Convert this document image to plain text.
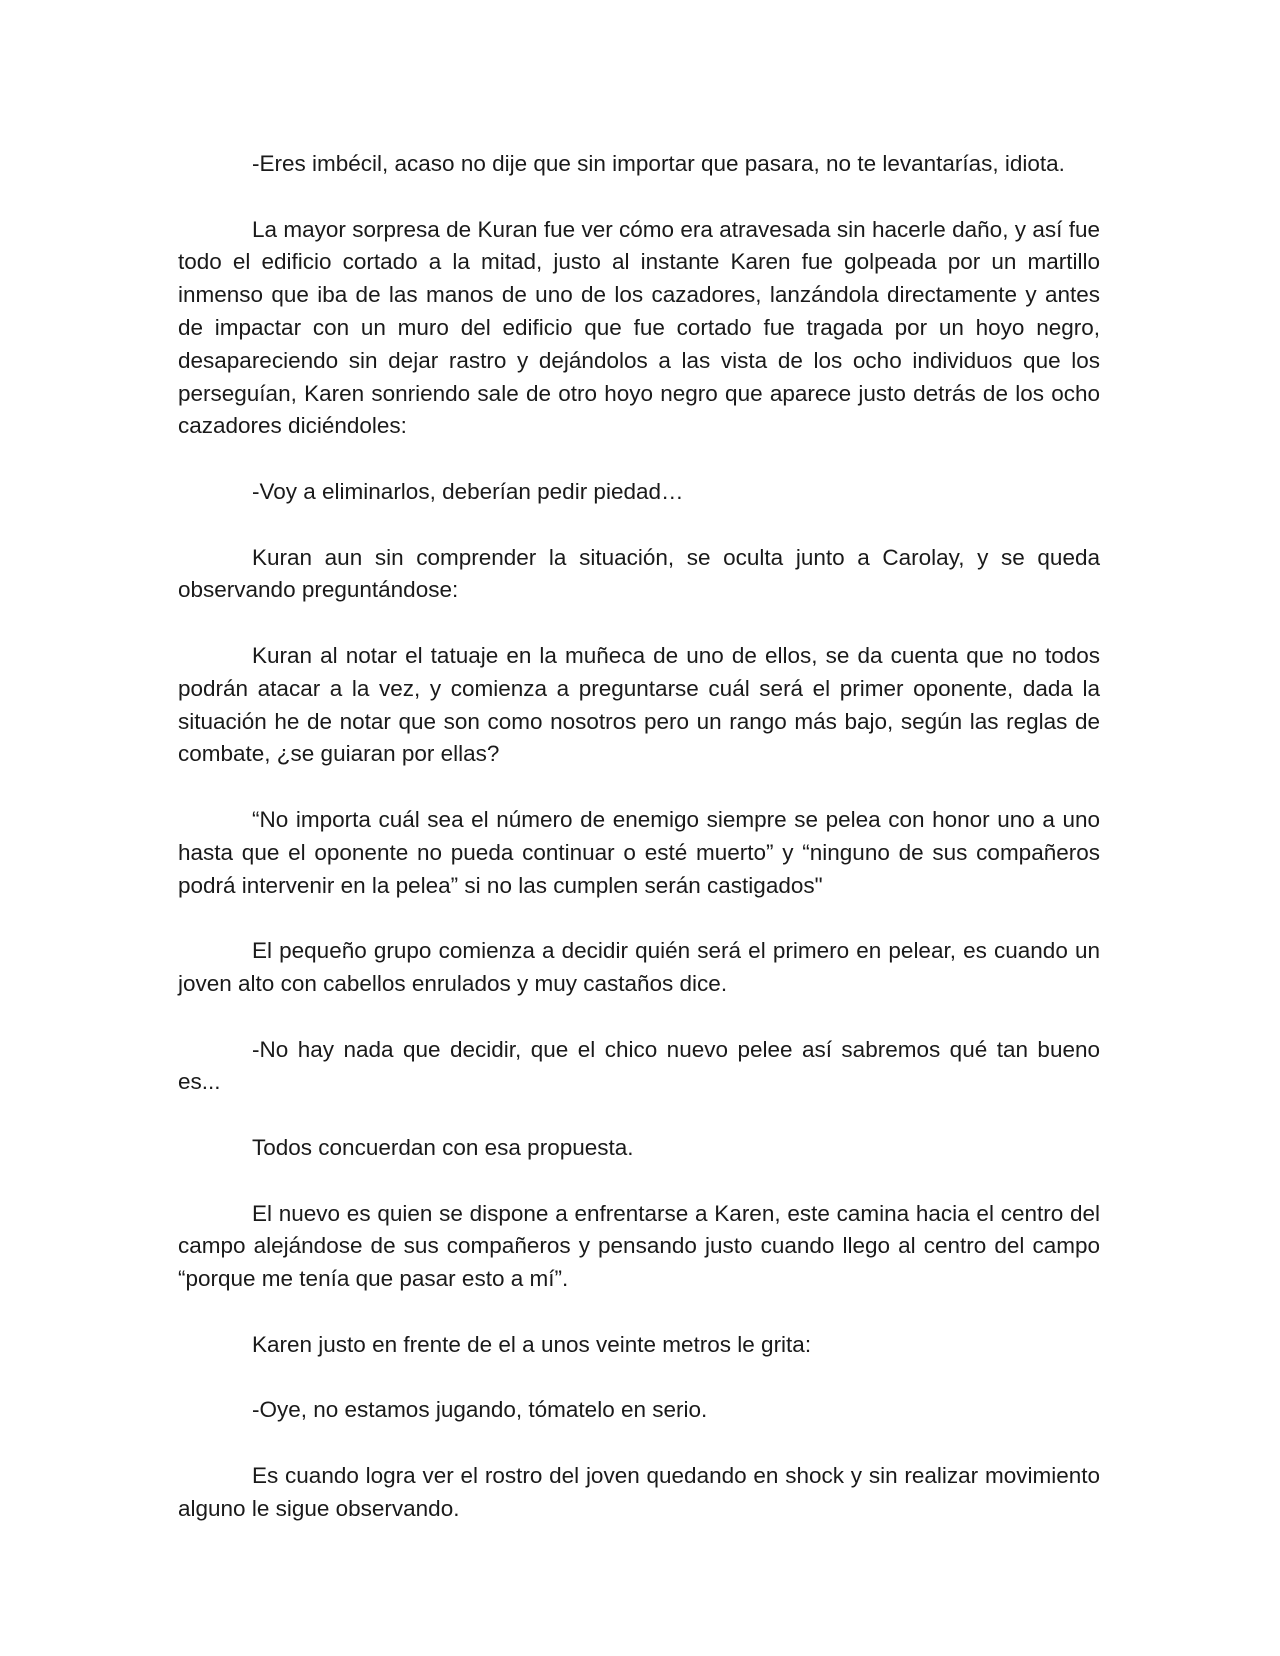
-Eres imbécil, acaso no dije que sin importar que pasara, no te levantarías, idiota.

La mayor sorpresa de Kuran fue ver cómo era atravesada sin hacerle daño, y así fue todo el edificio cortado a la mitad, justo al instante Karen fue golpeada por un martillo inmenso que iba de las manos de uno de los cazadores, lanzándola directamente y antes de impactar con un muro del edificio que fue cortado fue tragada por un hoyo negro, desapareciendo sin dejar rastro y dejándolos a las vista de los ocho individuos que los perseguían, Karen sonriendo sale de otro hoyo negro que aparece justo detrás de los ocho cazadores diciéndoles:

-Voy a eliminarlos, deberían pedir piedad…

Kuran aun sin comprender la situación, se oculta junto a Carolay, y se queda observando preguntándose:

Kuran al notar el tatuaje en la muñeca de uno de ellos, se da cuenta que no todos podrán atacar a la vez, y comienza a preguntarse cuál será el primer oponente, dada la situación he de notar que son como nosotros pero un rango más bajo, según las reglas de combate, ¿se guiaran por ellas?

“No importa cuál sea el número de enemigo siempre se pelea con honor uno a uno hasta que el oponente no pueda continuar o esté muerto” y “ninguno de sus compañeros podrá intervenir en la pelea” si no las cumplen serán castigados"

El pequeño grupo comienza a decidir quién será el primero en pelear, es cuando un joven alto con cabellos enrulados y muy castaños dice.

-No hay nada que decidir, que el chico nuevo pelee así sabremos qué tan bueno es...

Todos concuerdan con esa propuesta.

El nuevo es quien se dispone a enfrentarse a Karen, este camina hacia el centro del campo alejándose de sus compañeros y pensando justo cuando llego al centro del campo “porque me tenía que pasar esto a mí”.

Karen justo en frente de el a unos veinte metros le grita:

-Oye, no estamos jugando, tómatelo en serio.

Es cuando logra ver el rostro del joven quedando en shock y sin realizar movimiento alguno le sigue observando.
